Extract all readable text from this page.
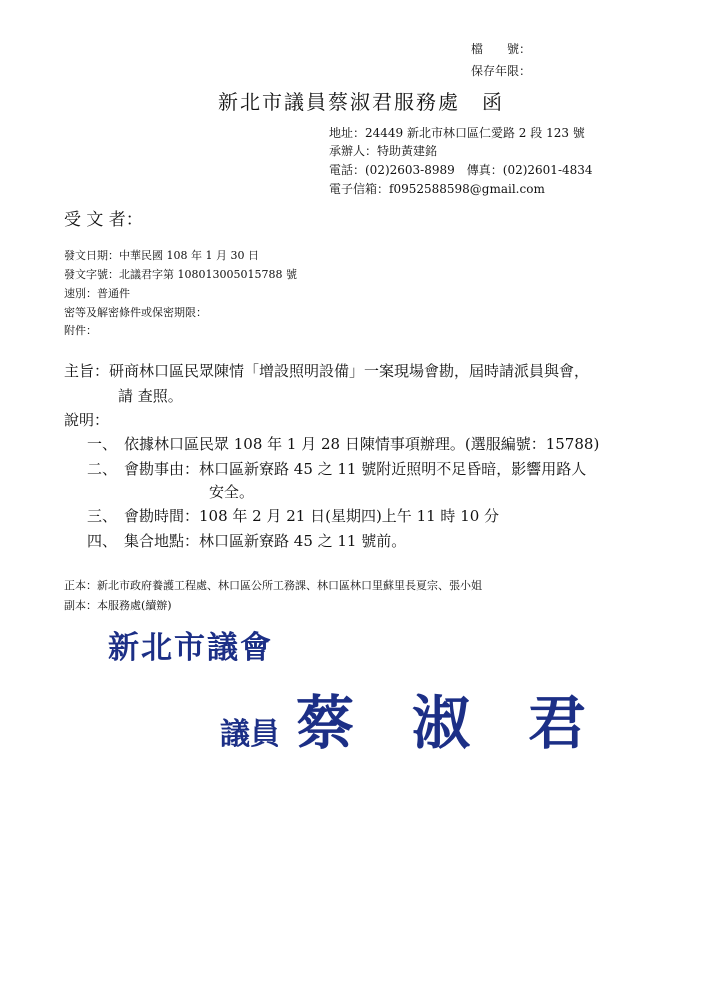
檔　　號：
保存年限：
新北市議員蔡淑君服務處　函
地址：24449 新北市林口區仁愛路 2 段 123 號
承辦人：特助黃建銘
電話：(02)2603-8989　傳真：(02)2601-4834
電子信箱：f0952588598@gmail.com
受 文 者：
發文日期：中華民國 108 年 1 月 30 日
發文字號：北議君字第 108013005015788 號
速別：普通件
密等及解密條件或保密期限：
附件：
主旨：研商林口區民眾陳情「增設照明設備」一案現場會勘，屆時請派員與會，
請 查照。
說明：
一、 依據林口區民眾 108 年 1 月 28 日陳情事項辦理。(選服編號：15788)
二、 會勘事由：林口區新寮路 45 之 11 號附近照明不足昏暗，影響用路人
安全。
三、 會勘時間：108 年 2 月 21 日(星期四)上午 11 時 10 分
四、 集合地點：林口區新寮路 45 之 11 號前。
正本：新北市政府養護工程處、林口區公所工務課、林口區林口里蘇里長夏宗、張小姐
副本：本服務處(續辦)
新北市議會
議員 蔡　淑　君
